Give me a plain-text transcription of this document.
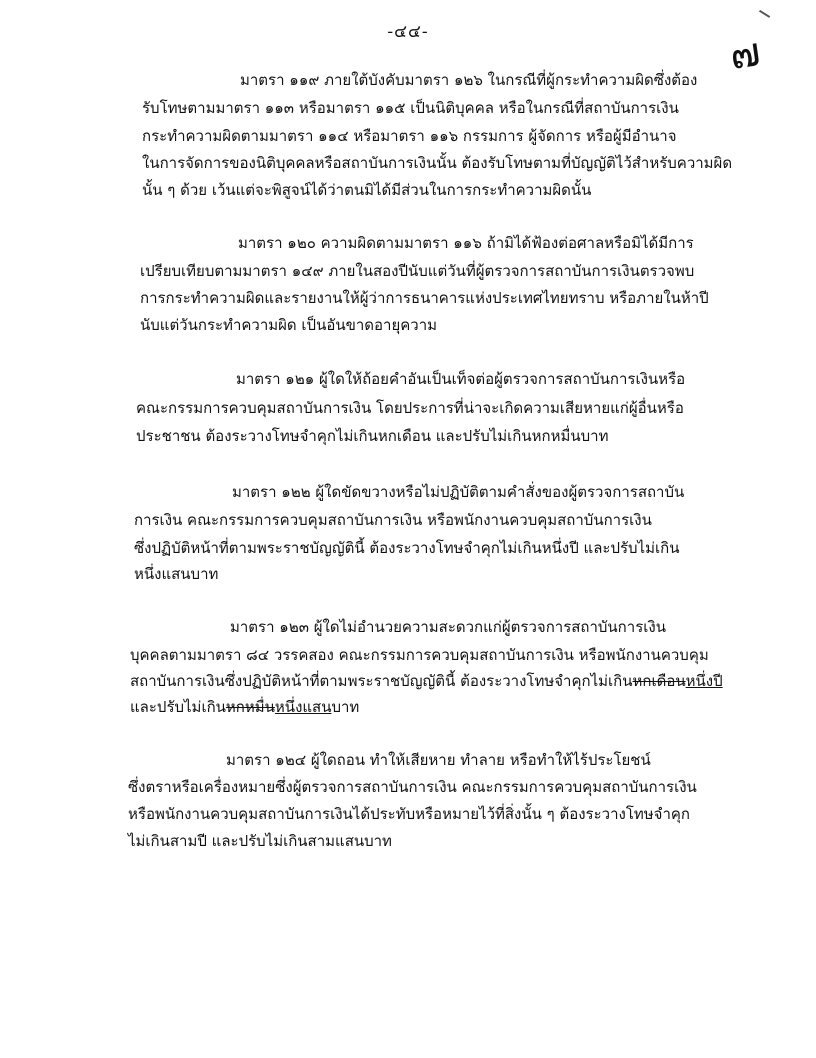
-๔๔-	๗
มาตรา ๑๑๙ ภายใต้บังคับมาตรา ๑๒๖ ในกรณีที่ผู้กระทำความผิดซึ่งต้อง
รับโทษตามมาตรา ๑๑๓ หรือมาตรา ๑๑๕ เป็นนิติบุคคล หรือในกรณีที่สถาบันการเงิน
กระทำความผิดตามมาตรา ๑๑๔ หรือมาตรา ๑๑๖ กรรมการ ผู้จัดการ หรือผู้มีอำนาจ
ในการจัดการของนิติบุคคลหรือสถาบันการเงินนั้น ต้องรับโทษตามที่บัญญัติไว้สำหรับความผิด
นั้น ๆ ด้วย เว้นแต่จะพิสูจน์ได้ว่าตนมิได้มีส่วนในการกระทำความผิดนั้น
มาตรา ๑๒๐ ความผิดตามมาตรา ๑๑๖ ถ้ามิได้ฟ้องต่อศาลหรือมิได้มีการ
เปรียบเทียบตามมาตรา ๑๔๙ ภายในสองปีนับแต่วันที่ผู้ตรวจการสถาบันการเงินตรวจพบ
การกระทำความผิดและรายงานให้ผู้ว่าการธนาคารแห่งประเทศไทยทราบ หรือภายในห้าปี
นับแต่วันกระทำความผิด เป็นอันขาดอายุความ
มาตรา ๑๒๑ ผู้ใดให้ถ้อยคำอันเป็นเท็จต่อผู้ตรวจการสถาบันการเงินหรือ
คณะกรรมการควบคุมสถาบันการเงิน โดยประการที่น่าจะเกิดความเสียหายแก่ผู้อื่นหรือ
ประชาชน ต้องระวางโทษจำคุกไม่เกินหกเดือน และปรับไม่เกินหกหมื่นบาท
มาตรา ๑๒๒ ผู้ใดขัดขวางหรือไม่ปฏิบัติตามคำสั่งของผู้ตรวจการสถาบัน
การเงิน คณะกรรมการควบคุมสถาบันการเงิน หรือพนักงานควบคุมสถาบันการเงิน
ซึ่งปฏิบัติหน้าที่ตามพระราชบัญญัตินี้ ต้องระวางโทษจำคุกไม่เกินหนึ่งปี และปรับไม่เกิน
หนึ่งแสนบาท
มาตรา ๑๒๓ ผู้ใดไม่อำนวยความสะดวกแก่ผู้ตรวจการสถาบันการเงิน
บุคคลตามมาตรา ๘๔ วรรคสอง คณะกรรมการควบคุมสถาบันการเงิน หรือพนักงานควบคุม
สถาบันการเงินซึ่งปฏิบัติหน้าที่ตามพระราชบัญญัตินี้ ต้องระวางโทษจำคุกไม่เกินหกเดือนหนึ่งปี
และปรับไม่เกินหกหมื่นหนึ่งแสนบาท
มาตรา ๑๒๔ ผู้ใดถอน ทำให้เสียหาย ทำลาย หรือทำให้ไร้ประโยชน์
ซึ่งตราหรือเครื่องหมายซึ่งผู้ตรวจการสถาบันการเงิน คณะกรรมการควบคุมสถาบันการเงิน
หรือพนักงานควบคุมสถาบันการเงินได้ประทับหรือหมายไว้ที่สิ่งนั้น ๆ ต้องระวางโทษจำคุก
ไม่เกินสามปี และปรับไม่เกินสามแสนบาท
